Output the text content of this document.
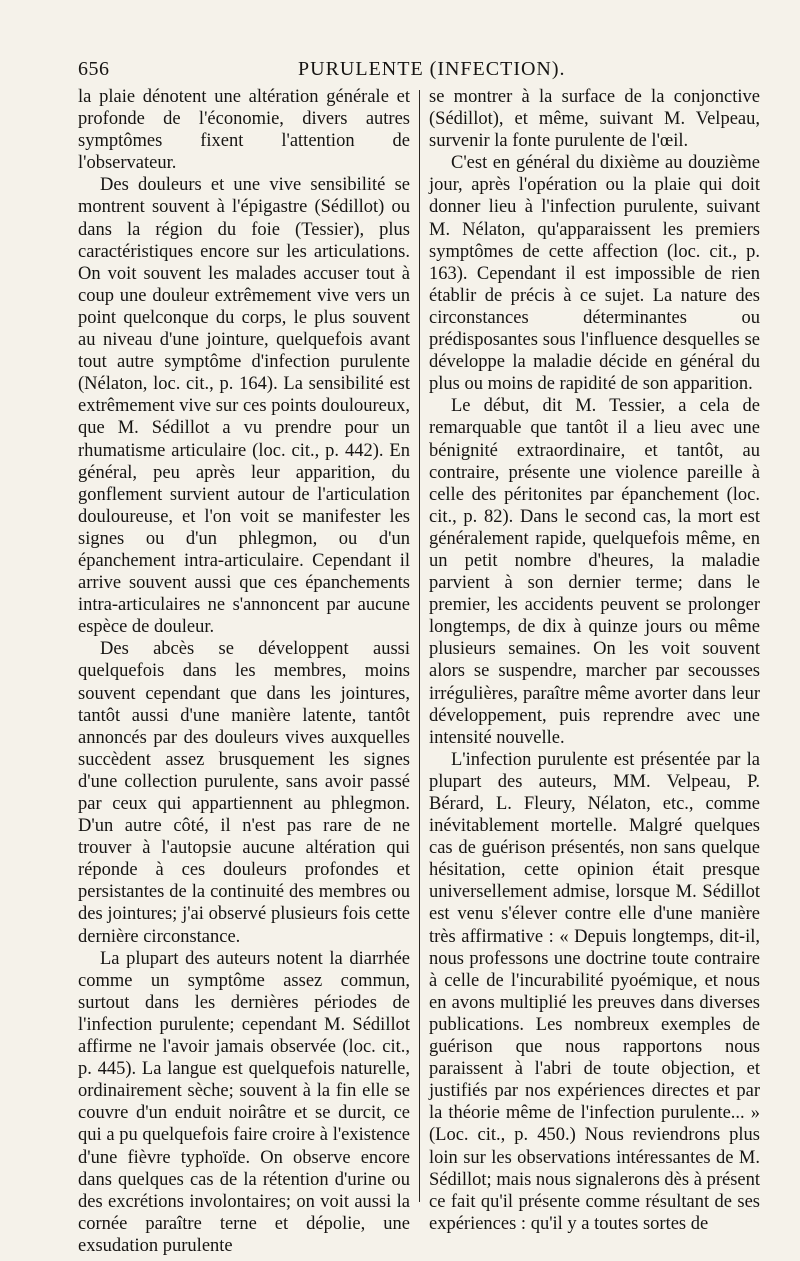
656	PURULENTE (INFECTION).

la plaie dénotent une altération générale et profonde de l'économie, divers autres symptômes fixent l'attention de l'observateur.

Des douleurs et une vive sensibilité se montrent souvent à l'épigastre (Sédillot) ou dans la région du foie (Tessier), plus caractéristiques encore sur les articulations. On voit souvent les malades accuser tout à coup une douleur extrêmement vive vers un point quelconque du corps, le plus souvent au niveau d'une jointure, quelquefois avant tout autre symptôme d'infection purulente (Nélaton, loc. cit., p. 164). La sensibilité est extrêmement vive sur ces points douloureux, que M. Sédillot a vu prendre pour un rhumatisme articulaire (loc. cit., p. 442). En général, peu après leur apparition, du gonflement survient autour de l'articulation douloureuse, et l'on voit se manifester les signes ou d'un phlegmon, ou d'un épanchement intra-articulaire. Cependant il arrive souvent aussi que ces épanchements intra-articulaires ne s'annoncent par aucune espèce de douleur.

Des abcès se développent aussi quelquefois dans les membres, moins souvent cependant que dans les jointures, tantôt aussi d'une manière latente, tantôt annoncés par des douleurs vives auxquelles succèdent assez brusquement les signes d'une collection purulente, sans avoir passé par ceux qui appartiennent au phlegmon. D'un autre côté, il n'est pas rare de ne trouver à l'autopsie aucune altération qui réponde à ces douleurs profondes et persistantes de la continuité des membres ou des jointures; j'ai observé plusieurs fois cette dernière circonstance.

La plupart des auteurs notent la diarrhée comme un symptôme assez commun, surtout dans les dernières périodes de l'infection purulente; cependant M. Sédillot affirme ne l'avoir jamais observée (loc. cit., p. 445). La langue est quelquefois naturelle, ordinairement sèche; souvent à la fin elle se couvre d'un enduit noirâtre et se durcit, ce qui a pu quelquefois faire croire à l'existence d'une fièvre typhoïde. On observe encore dans quelques cas de la rétention d'urine ou des excrétions involontaires; on voit aussi la cornée paraître terne et dépolie, une exsudation purulente

se montrer à la surface de la conjonctive (Sédillot), et même, suivant M. Velpeau, survenir la fonte purulente de l'œil.

C'est en général du dixième au douzième jour, après l'opération ou la plaie qui doit donner lieu à l'infection purulente, suivant M. Nélaton, qu'apparaissent les premiers symptômes de cette affection (loc. cit., p. 163). Cependant il est impossible de rien établir de précis à ce sujet. La nature des circonstances déterminantes ou prédisposantes sous l'influence desquelles se développe la maladie décide en général du plus ou moins de rapidité de son apparition.

Le début, dit M. Tessier, a cela de remarquable que tantôt il a lieu avec une bénignité extraordinaire, et tantôt, au contraire, présente une violence pareille à celle des péritonites par épanchement (loc. cit., p. 82). Dans le second cas, la mort est généralement rapide, quelquefois même, en un petit nombre d'heures, la maladie parvient à son dernier terme; dans le premier, les accidents peuvent se prolonger longtemps, de dix à quinze jours ou même plusieurs semaines. On les voit souvent alors se suspendre, marcher par secousses irrégulières, paraître même avorter dans leur développement, puis reprendre avec une intensité nouvelle.

L'infection purulente est présentée par la plupart des auteurs, MM. Velpeau, P. Bérard, L. Fleury, Nélaton, etc., comme inévitablement mortelle. Malgré quelques cas de guérison présentés, non sans quelque hésitation, cette opinion était presque universellement admise, lorsque M. Sédillot est venu s'élever contre elle d'une manière très affirmative : « Depuis longtemps, dit-il, nous professons une doctrine toute contraire à celle de l'incurabilité pyoémique, et nous en avons multiplié les preuves dans diverses publications. Les nombreux exemples de guérison que nous rapportons nous paraissent à l'abri de toute objection, et justifiés par nos expériences directes et par la théorie même de l'infection purulente... » (Loc. cit., p. 450.) Nous reviendrons plus loin sur les observations intéressantes de M. Sédillot; mais nous signalerons dès à présent ce fait qu'il présente comme résultant de ses expériences : qu'il y a toutes sortes de
